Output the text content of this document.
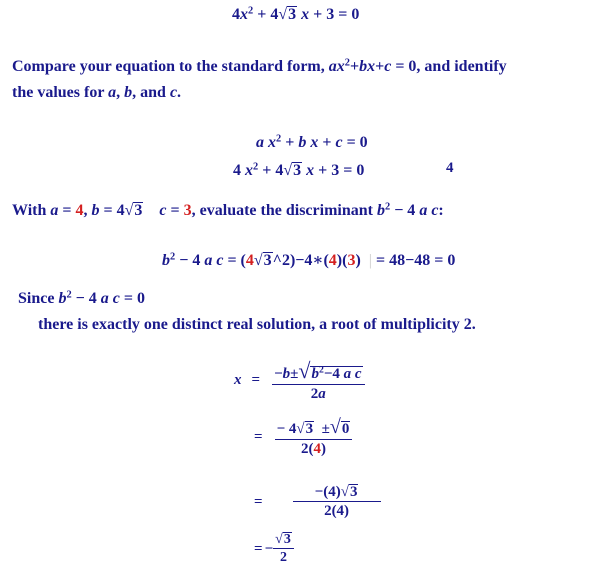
$4x^2 + 4√3$ x + 3 = 0
Compare your equation to the standard form, $ax^2+bx+c = 0$, and identify
the values for a, b, and c.
a $x^2 + b$ x + c = 0
4 $x^2 + 4√3$ x + 3 = 0	4
With a = 4, b = 4√3 c = 3, evaluate the discriminant $b^2 - 4$ a c:
$b^2 - 4$ a c = (4√3^2)−4∗(4)(3)  | = 48−48 = 0
Since $b^2 - 4$ a c = 0
there is exactly one distinct real solution, a root of multiplicity 2.
$x = \frac{-b\pm√b^2-4 a c}{2a}$
= $\frac{- 4√3 \pm√0}{2(4)}$
= $\frac{-(4)√3}{2(4)}$
= − $\frac{√3}{2}$
